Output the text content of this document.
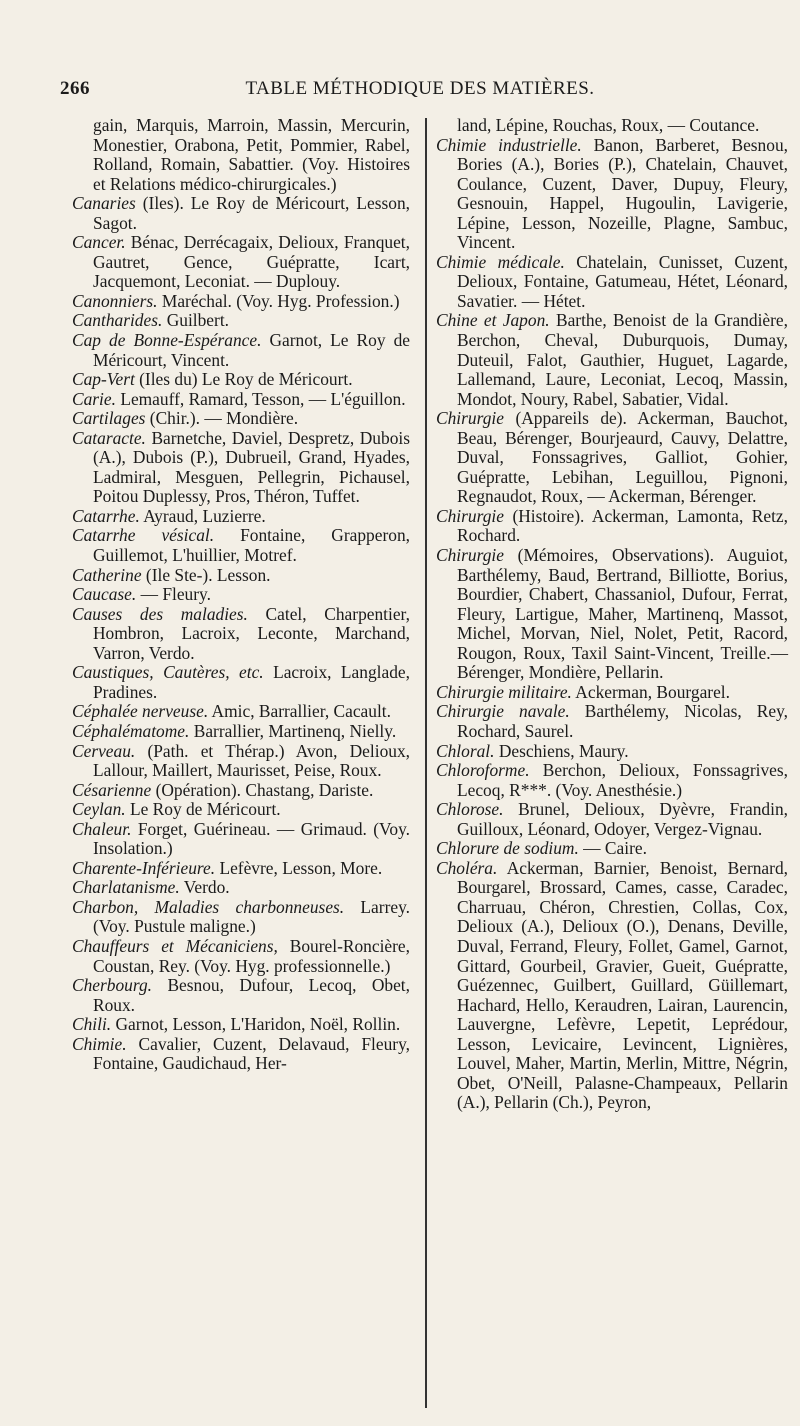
266	TABLE MÉTHODIQUE DES MATIÈRES.

gain, Marquis, Marroin, Massin, Mercurin, Monestier, Orabona, Petit, Pommier, Rabel, Rolland, Romain, Sabattier. (Voy. Histoires et Relations médico-chirurgicales.)

Canaries (Iles). Le Roy de Méricourt, Lesson, Sagot.

Cancer. Bénac, Derrécagaix, Delioux, Franquet, Gautret, Gence, Guépratte, Icart, Jacquemont, Leconiat. — Duplouy.

Canonniers. Maréchal. (Voy. Hyg. Profession.)

Cantharides. Guilbert.

Cap de Bonne-Espérance. Garnot, Le Roy de Méricourt, Vincent.

Cap-Vert (Iles du) Le Roy de Méricourt.

Carie. Lemauff, Ramard, Tesson, — L'éguillon.

Cartilages (Chir.). — Mondière.

Cataracte. Barnetche, Daviel, Despretz, Dubois (A.), Dubois (P.), Dubrueil, Grand, Hyades, Ladmiral, Mesguen, Pellegrin, Pichausel, Poitou Duplessy, Pros, Théron, Tuffet.

Catarrhe. Ayraud, Luzierre.

Catarrhe vésical. Fontaine, Grapperon, Guillemot, L'huillier, Motref.

Catherine (Ile Ste-). Lesson.

Caucase. — Fleury.

Causes des maladies. Catel, Charpentier, Hombron, Lacroix, Leconte, Marchand, Varron, Verdo.

Caustiques, Cautères, etc. Lacroix, Langlade, Pradines.

Céphalée nerveuse. Amic, Barrallier, Cacault.

Céphalématome. Barrallier, Martinenq, Nielly.

Cerveau. (Path. et Thérap.) Avon, Delioux, Lallour, Maillert, Maurisset, Peise, Roux.

Césarienne (Opération). Chastang, Dariste.

Ceylan. Le Roy de Méricourt.

Chaleur. Forget, Guérineau. — Grimaud. (Voy. Insolation.)

Charente-Inférieure. Lefèvre, Lesson, More.

Charlatanisme. Verdo.

Charbon, Maladies charbonneuses. Larrey. (Voy. Pustule maligne.)

Chauffeurs et Mécaniciens, Bourel-Roncière, Coustan, Rey. (Voy. Hyg. professionnelle.)

Cherbourg. Besnou, Dufour, Lecoq, Obet, Roux.

Chili. Garnot, Lesson, L'Haridon, Noël, Rollin.

Chimie. Cavalier, Cuzent, Delavaud, Fleury, Fontaine, Gaudichaud, Her-

land, Lépine, Rouchas, Roux, — Coutance.

Chimie industrielle. Banon, Barberet, Besnou, Bories (A.), Bories (P.), Chatelain, Chauvet, Coulance, Cuzent, Daver, Dupuy, Fleury, Gesnouin, Happel, Hugoulin, Lavigerie, Lépine, Lesson, Nozeille, Plagne, Sambuc, Vincent.

Chimie médicale. Chatelain, Cunisset, Cuzent, Delioux, Fontaine, Gatumeau, Hétet, Léonard, Savatier. — Hétet.

Chine et Japon. Barthe, Benoist de la Grandière, Berchon, Cheval, Duburquois, Dumay, Duteuil, Falot, Gauthier, Huguet, Lagarde, Lallemand, Laure, Leconiat, Lecoq, Massin, Mondot, Noury, Rabel, Sabatier, Vidal.

Chirurgie (Appareils de). Ackerman, Bauchot, Beau, Bérenger, Bourjeaurd, Cauvy, Delattre, Duval, Fonssagrives, Galliot, Gohier, Guépratte, Lebihan, Leguillou, Pignoni, Regnaudot, Roux, — Ackerman, Bérenger.

Chirurgie (Histoire). Ackerman, Lamonta, Retz, Rochard.

Chirurgie (Mémoires, Observations). Auguiot, Barthélemy, Baud, Bertrand, Billiotte, Borius, Bourdier, Chabert, Chassaniol, Dufour, Ferrat, Fleury, Lartigue, Maher, Martinenq, Massot, Michel, Morvan, Niel, Nolet, Petit, Racord, Rougon, Roux, Taxil Saint-Vincent, Treille.—Bérenger, Mondière, Pellarin.

Chirurgie militaire. Ackerman, Bourgarel.

Chirurgie navale. Barthélemy, Nicolas, Rey, Rochard, Saurel.

Chloral. Deschiens, Maury.

Chloroforme. Berchon, Delioux, Fonssagrives, Lecoq, R***. (Voy. Anesthésie.)

Chlorose. Brunel, Delioux, Dyèvre, Frandin, Guilloux, Léonard, Odoyer, Vergez-Vignau.

Chlorure de sodium. — Caire.

Choléra. Ackerman, Barnier, Benoist, Bernard, Bourgarel, Brossard, Cames, casse, Caradec, Charruau, Chéron, Chrestien, Collas, Cox, Delioux (A.), Delioux (O.), Denans, Deville, Duval, Ferrand, Fleury, Follet, Gamel, Garnot, Gittard, Gourbeil, Gravier, Gueit, Guépratte, Guézennec, Guilbert, Guillard, Güillemart, Hachard, Hello, Keraudren, Lairan, Laurencin, Lauvergne, Lefèvre, Lepetit, Leprédour, Lesson, Levicaire, Levincent, Lignières, Louvel, Maher, Martin, Merlin, Mittre, Négrin, Obet, O'Neill, Palasne-Champeaux, Pellarin (A.), Pellarin (Ch.), Peyron,
